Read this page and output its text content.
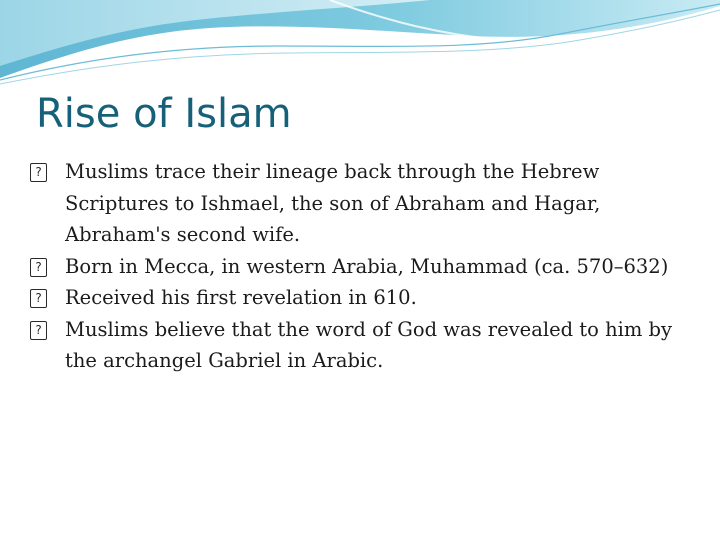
Rise of Islam
? Muslims trace their lineage back through the Hebrew Scriptures to Ishmael, the son of Abraham and Hagar, Abraham's second wife.
? Born in Mecca, in western Arabia, Muhammad (ca. 570–632)
? Received his first revelation in 610.
? Muslims believe that the word of God was revealed to him by the archangel Gabriel in Arabic.
